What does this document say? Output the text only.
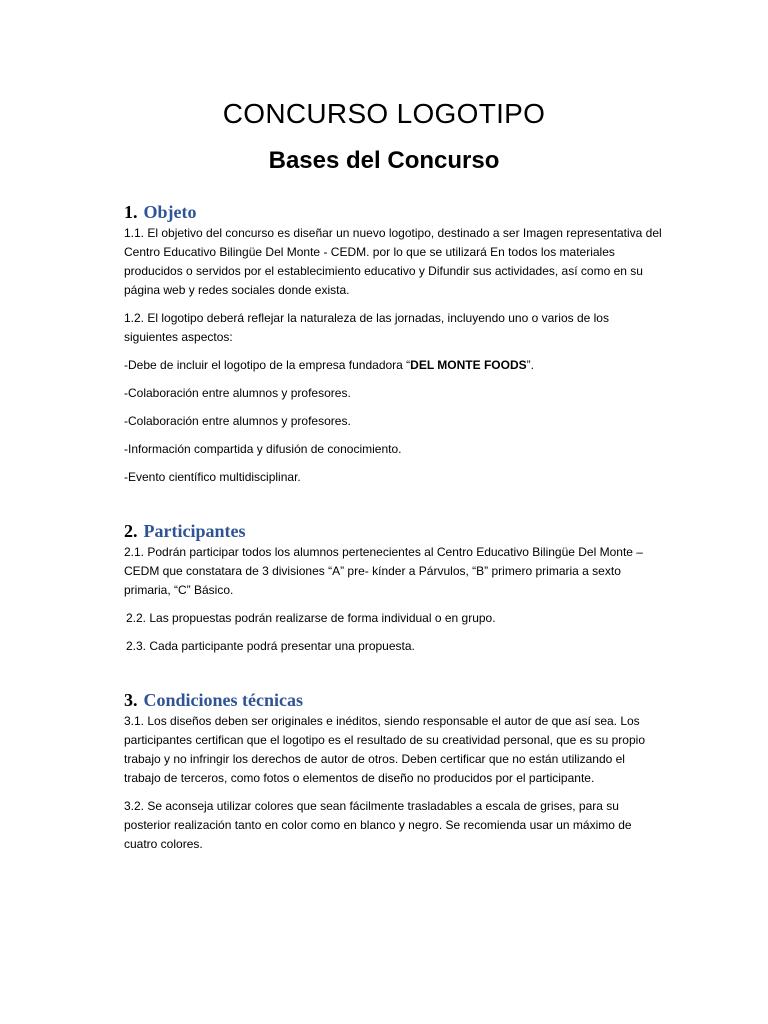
CONCURSO LOGOTIPO
Bases del Concurso
1. Objeto

1.1. El objetivo del concurso es diseñar un nuevo logotipo, destinado a ser Imagen representativa del Centro Educativo Bilingüe Del Monte - CEDM. por lo que se utilizará En todos los materiales producidos o servidos por el establecimiento educativo y Difundir sus actividades, así como en su página web y redes sociales donde exista.

1.2. El logotipo deberá reflejar la naturaleza de las jornadas, incluyendo uno o varios de los siguientes aspectos:

-Debe de incluir el logotipo de la empresa fundadora “DEL MONTE FOODS”.

-Colaboración entre alumnos y profesores.

-Colaboración entre alumnos y profesores.

-Información compartida y difusión de conocimiento.

-Evento científico multidisciplinar.

2. Participantes

2.1. Podrán participar todos los alumnos pertenecientes al Centro Educativo Bilingüe Del Monte – CEDM que constatara de 3 divisiones “A” pre- kínder a Párvulos, “B” primero primaria a sexto primaria, “C” Básico.

2.2. Las propuestas podrán realizarse de forma individual o en grupo.

2.3. Cada participante podrá presentar una propuesta.

3. Condiciones técnicas

3.1. Los diseños deben ser originales e inéditos, siendo responsable el autor de que así sea. Los participantes certifican que el logotipo es el resultado de su creatividad personal, que es su propio trabajo y no infringir los derechos de autor de otros. Deben certificar que no están utilizando el trabajo de terceros, como fotos o elementos de diseño no producidos por el participante.

3.2. Se aconseja utilizar colores que sean fácilmente trasladables a escala de grises, para su posterior realización tanto en color como en blanco y negro. Se recomienda usar un máximo de cuatro colores.
